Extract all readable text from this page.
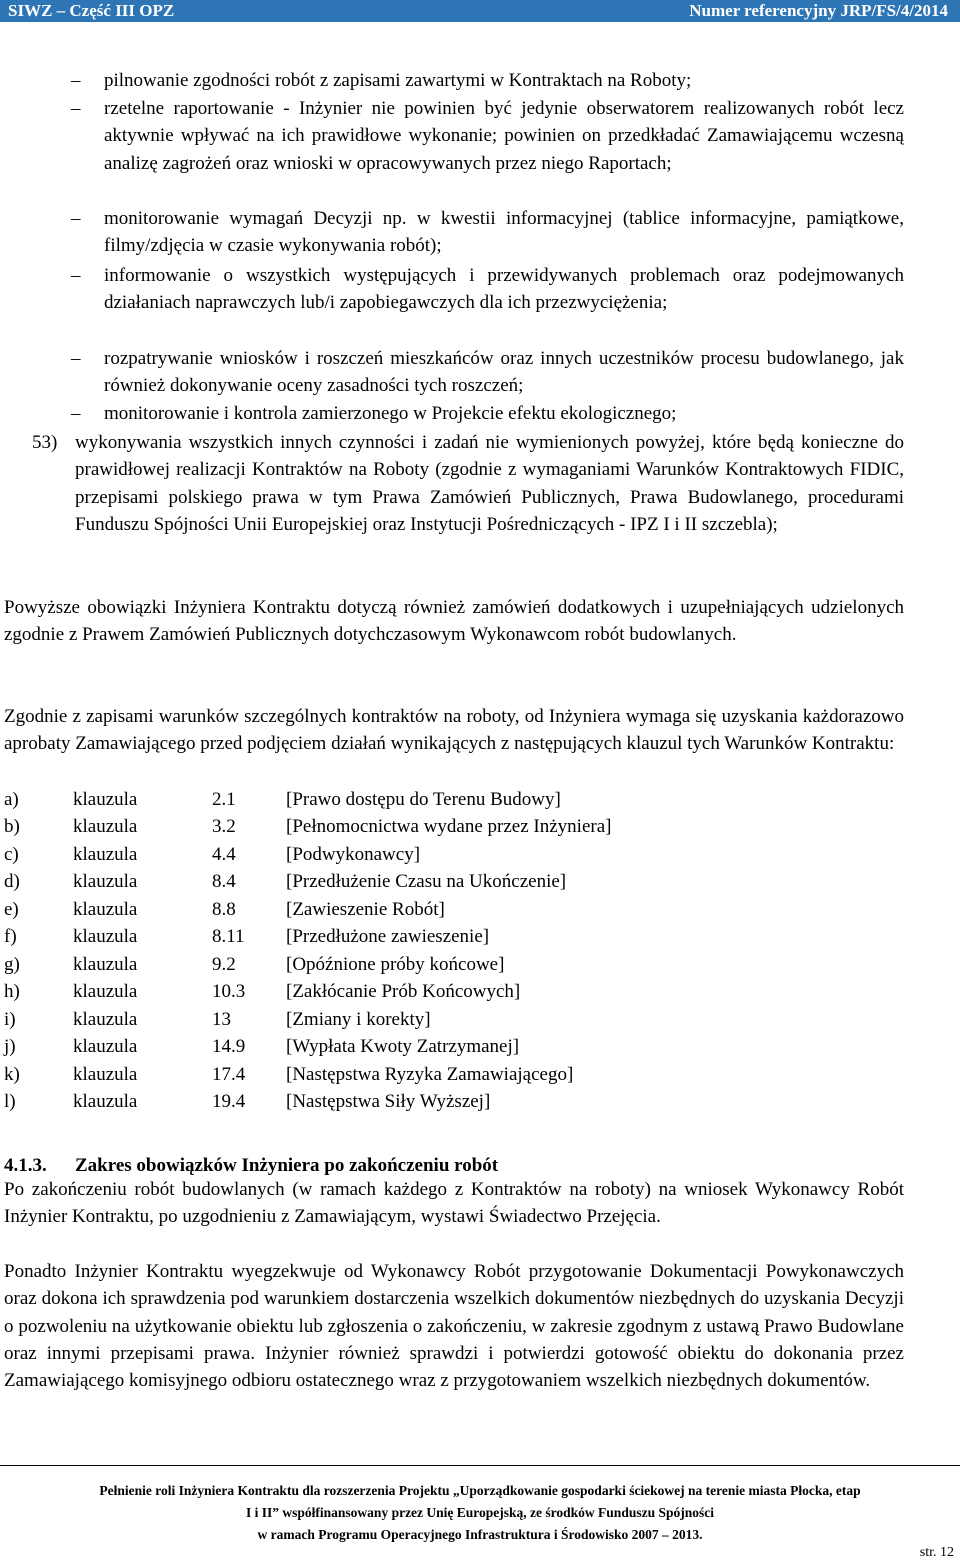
SIWZ – Część III OPZ	Numer referencyjny JRP/FS/4/2014
– pilnowanie zgodności robót z zapisami zawartymi w Kontraktach na Roboty;
– rzetelne raportowanie - Inżynier nie powinien być jedynie obserwatorem realizowanych robót lecz aktywnie wpływać na ich prawidłowe wykonanie; powinien on przedkładać Zamawiającemu wczesną analizę zagrożeń oraz wnioski w opracowywanych przez niego Raportach;
– monitorowanie wymagań Decyzji np. w kwestii informacyjnej (tablice informacyjne, pamiątkowe, filmy/zdjęcia w czasie wykonywania robót);
– informowanie o wszystkich występujących i przewidywanych problemach oraz podejmowanych działaniach naprawczych lub/i zapobiegawczych dla ich przezwyciężenia;
– rozpatrywanie wniosków i roszczeń mieszkańców oraz innych uczestników procesu budowlanego, jak również dokonywanie oceny zasadności tych roszczeń;
– monitorowanie i kontrola zamierzonego w Projekcie efektu ekologicznego;
53) wykonywania wszystkich innych czynności i zadań nie wymienionych powyżej, które będą konieczne do prawidłowej realizacji Kontraktów na Roboty (zgodnie z wymaganiami Warunków Kontraktowych FIDIC, przepisami polskiego prawa w tym Prawa Zamówień Publicznych, Prawa Budowlanego, procedurami Funduszu Spójności Unii Europejskiej oraz Instytucji Pośredniczących - IPZ I i II szczebla);

Powyższe obowiązki Inżyniera Kontraktu dotyczą również zamówień dodatkowych i uzupełniających udzielonych zgodnie z Prawem Zamówień Publicznych dotychczasowym Wykonawcom robót budowlanych.

Zgodnie z zapisami warunków szczególnych kontraktów na roboty, od Inżyniera wymaga się uzyskania każdorazowo aprobaty Zamawiającego przed podjęciem działań wynikających z następujących klauzul tych Warunków Kontraktu:

a)	klauzula	2.1	[Prawo dostępu do Terenu Budowy]
b)	klauzula	3.2	[Pełnomocnictwa wydane przez Inżyniera]
c)	klauzula	4.4	[Podwykonawcy]
d)	klauzula	8.4	[Przedłużenie Czasu na Ukończenie]
e)	klauzula	8.8	[Zawieszenie Robót]
f)	klauzula	8.11 [Przedłużone zawieszenie]
g)	klauzula	9.2	[Opóźnione próby końcowe]
h)	klauzula	10.3 [Zakłócanie Prób Końcowych]
i)	klauzula	13	[Zmiany i korekty]
j)	klauzula	14.9 [Wypłata Kwoty Zatrzymanej]
k)	klauzula	17.4 [Następstwa Ryzyka Zamawiającego]
l)	klauzula	19.4 [Następstwa Siły Wyższej]
4.1.3. Zakres obowiązków Inżyniera po zakończeniu robót

Po zakończeniu robót budowlanych (w ramach każdego z Kontraktów na roboty) na wniosek Wykonawcy Robót Inżynier Kontraktu, po uzgodnieniu z Zamawiającym, wystawi Świadectwo Przejęcia.

Ponadto Inżynier Kontraktu wyegzekwuje od Wykonawcy Robót przygotowanie Dokumentacji Powykonawczych oraz dokona ich sprawdzenia pod warunkiem dostarczenia wszelkich dokumentów niezbędnych do uzyskania Decyzji o pozwoleniu na użytkowanie obiektu lub zgłoszenia o zakończeniu, w zakresie zgodnym z ustawą Prawo Budowlane oraz innymi przepisami prawa. Inżynier również sprawdzi i potwierdzi gotowość obiektu do dokonania przez Zamawiającego komisyjnego odbioru ostatecznego wraz z przygotowaniem wszelkich niezbędnych dokumentów.

Pełnienie roli Inżyniera Kontraktu dla rozszerzenia Projektu „Uporządkowanie gospodarki ściekowej na terenie miasta Płocka, etap
I i II” współfinansowany przez Unię Europejską, ze środków Funduszu Spójności
w ramach Programu Operacyjnego Infrastruktura i Środowisko 2007 – 2013.
str. 12
